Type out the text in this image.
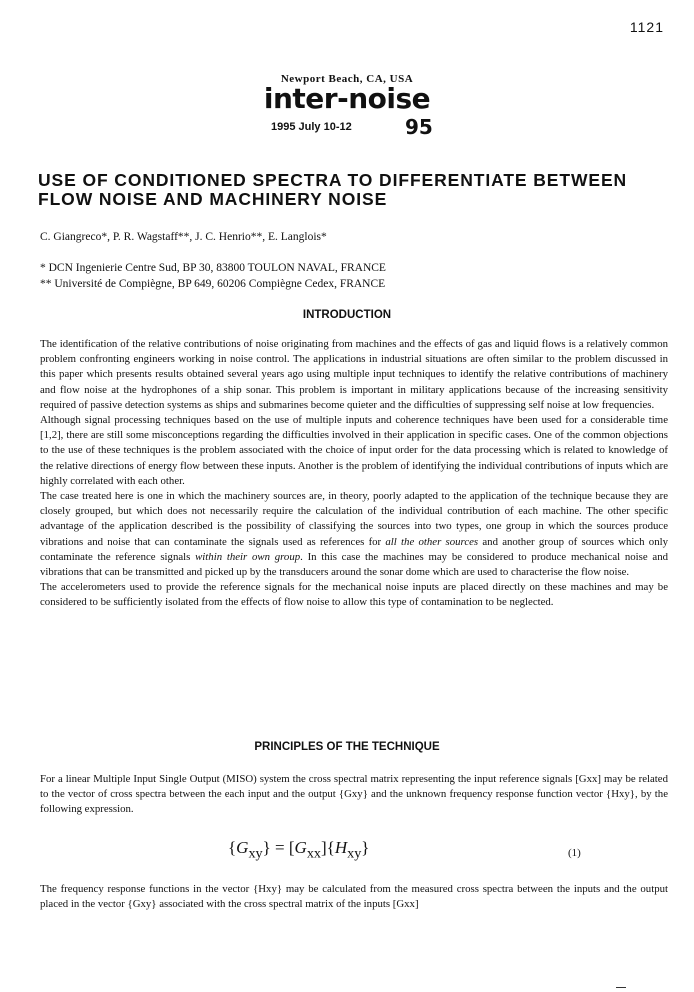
1121
Newport Beach, CA, USA
inter-noise
1995 July 10-12	95
USE OF CONDITIONED SPECTRA TO DIFFERENTIATE BETWEEN FLOW NOISE AND MACHINERY NOISE

C. Giangreco*, P. R. Wagstaff**, J. C. Henrio**, E. Langlois*

* DCN Ingenierie Centre Sud, BP 30, 83800 TOULON NAVAL, FRANCE
** Université de Compiègne, BP 649, 60206 Compiègne Cedex, FRANCE
INTRODUCTION

The identification of the relative contributions of noise originating from machines and the effects of gas and liquid flows is a relatively common problem confronting engineers working in noise control. The applications in industrial situations are often similar to the problem discussed in this paper which presents results obtained several years ago using multiple input techniques to identify the relative contributions of machinery and flow noise at the hydrophones of a ship sonar. This problem is important in military applications because of the increasing sensitivity required of passive detection systems as ships and submarines become quieter and the difficulties of suppressing self noise at low frequencies.

Although signal processing techniques based on the use of multiple inputs and coherence techniques have been used for a considerable time [1,2], there are still some misconceptions regarding the difficulties involved in their application in specific cases. One of the common objections to the use of these techniques is the problem associated with the choice of input order for the data processing which is related to knowledge of the relative directions of energy flow between these inputs. Another is the problem of identifying the individual contributions of inputs which are highly correlated with each other.

The case treated here is one in which the machinery sources are, in theory, poorly adapted to the application of the technique because they are closely grouped, but which does not necessarily require the calculation of the individual contribution of each machine. The other specific advantage of the application described is the possibility of classifying the sources into two types, one group in which the sources produce vibrations and noise that can contaminate the signals used as references for all the other sources and another group of sources which only contaminate the reference signals within their own group. In this case the machines may be considered to produce mechanical noise and vibrations that can be transmitted and picked up by the transducers around the sonar dome which are used to characterise the flow noise.

The accelerometers used to provide the reference signals for the mechanical noise inputs are placed directly on these machines and may be considered to be sufficiently isolated from the effects of flow noise to allow this type of contamination to be neglected.

PRINCIPLES OF THE TECHNIQUE

For a linear Multiple Input Single Output (MISO) system the cross spectral matrix representing the input reference signals [Gxx] may be related to the vector of cross spectra between the each input and the output {Gxy} and the unknown frequency response function vector {Hxy}, by the following expression.

$\{G_{xy}\} = [G_{xx}]\{H_{xy}\}$	(1)

The frequency response functions in the vector {Hxy} may be calculated from the measured cross spectra between the inputs and the output placed in the vector {Gxy} associated with the cross spectral matrix of the inputs [Gxx]
